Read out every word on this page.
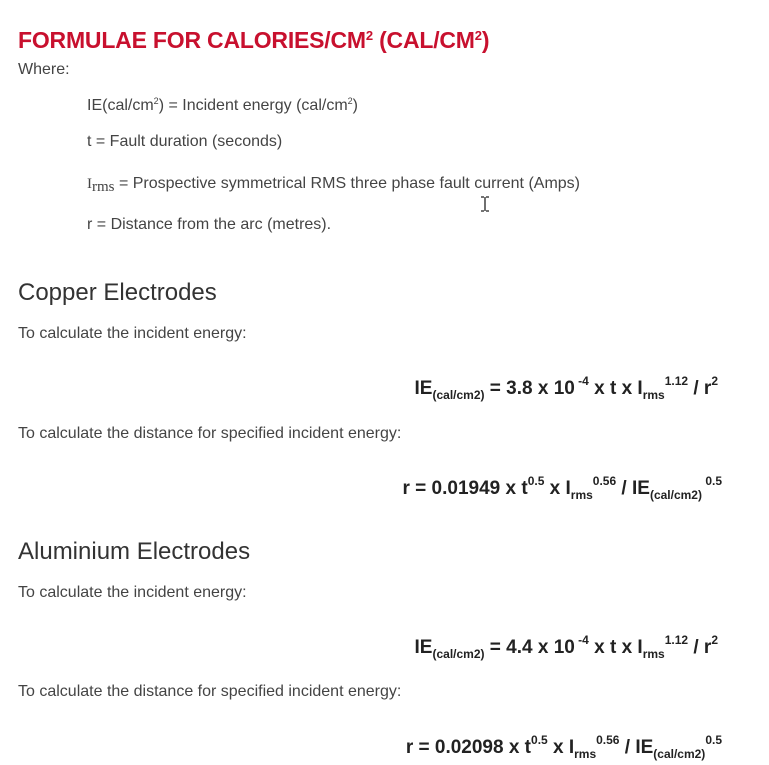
FORMULAE FOR CALORIES/$CM^2$ $(CAL/CM^2)$
Where:
$IE(cal/cm^2)$ = Incident energy $(cal/cm^2)$
t = Fault duration (seconds)
$I_{rms}$ = Prospective symmetrical RMS three phase fault current (Amps)
r = Distance from the arc (metres).
Copper Electrodes
To calculate the incident energy:
$IE_{(cal/cm2)} = 3.8$ x 10 $^{-4}$ x t x $I_{rms}^{1.12} / r^2$
To calculate the distance for specified incident energy:
r = 0.01949 x $t^{0.5}$ x $I_{rms}^{0.56} / IE_{(cal/cm2)}$ $^{0.5}$
Aluminium Electrodes
To calculate the incident energy:
$IE_{(cal/cm2)} = 4.4$ x 10 $^{-4}$ x t x $I_{rms}^{1.12} / r^2$
To calculate the distance for specified incident energy:
r = 0.02098 x $t^{0.5}$ x $I_{rms}^{0.56} / IE_{(cal/cm2)}^{0.5}$
